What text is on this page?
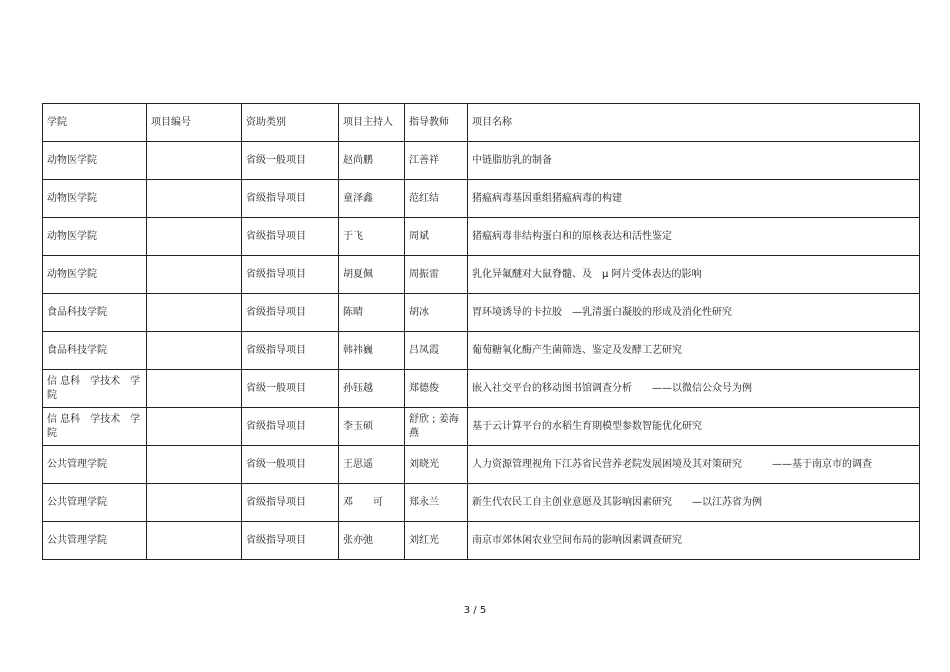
学院	项目编号	资助类别	项目主持人	指导教师	项目名称
动物医学院		省级一般项目	赵尚鹏	江善祥	中链脂肪乳的制备
动物医学院		省级指导项目	童泽鑫	范红结	猪瘟病毒基因重组猪瘟病毒的构建
动物医学院		省级指导项目	于飞	周斌	猪瘟病毒非结构蛋白和的原核表达和活性鉴定
动物医学院		省级指导项目	胡夏佩	周振雷	乳化异氟醚对大鼠脊髓、及　μ 阿片受体表达的影响
食品科技学院		省级指导项目	陈晴	胡冰	胃环境诱导的卡拉胶　—乳清蛋白凝胶的形成及消化性研究
食品科技学院		省级指导项目	韩祎巍	吕凤霞	葡萄糖氧化酶产生菌筛选、鉴定及发酵工艺研究
信 息科　学技术　学院		省级一般项目	孙钰越	郑德俊	嵌入社交平台的移动图书馆调查分析　　——以微信公众号为例
信 息科　学技术　学院		省级指导项目	李玉硕	舒欣 ; 姜海燕	基于云计算平台的水稻生育期模型参数智能优化研究
公共管理学院		省级一般项目	王思遥	刘晓光	人力资源管理视角下江苏省民营养老院发展困境及其对策研究　　　——基于南京市的调查
公共管理学院		省级指导项目	邓　　可	郑永兰	新生代农民工自主创业意愿及其影响因素研究　　—以江苏省为例
公共管理学院		省级指导项目	张亦弛	刘红光	南京市郊休闲农业空间布局的影响因素调查研究
3 / 5
